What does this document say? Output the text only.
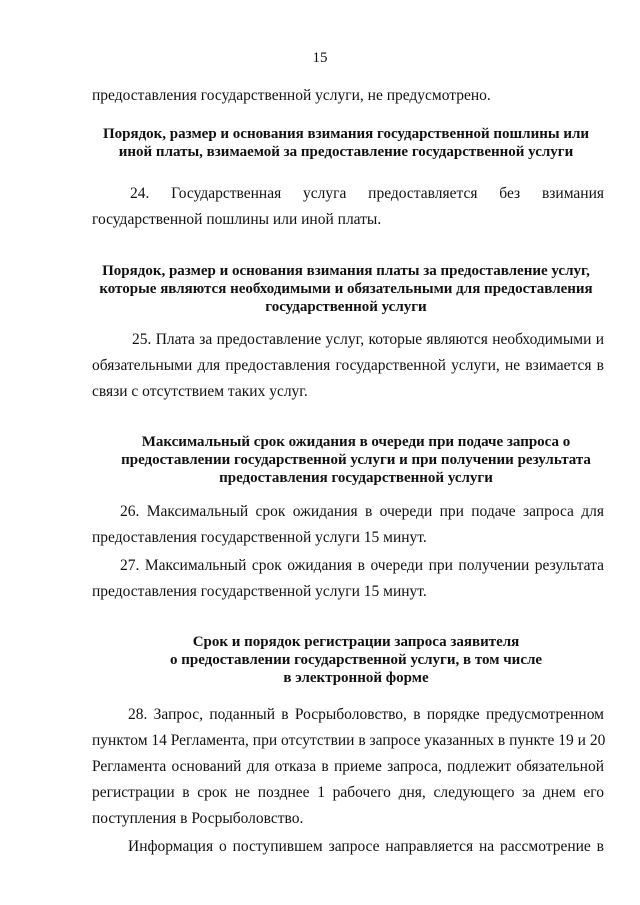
15
предоставления государственной услуги, не предусмотрено.
Порядок, размер и основания взимания государственной пошлины или
иной платы, взимаемой за предоставление государственной услуги
24. Государственная услуга предоставляется без взимания
государственной пошлины или иной платы.
Порядок, размер и основания взимания платы за предоставление услуг,
которые являются необходимыми и обязательными для предоставления
государственной услуги
25. Плата за предоставление услуг, которые являются необходимыми и
обязательными для предоставления государственной услуги, не взимается в
связи с отсутствием таких услуг.
Максимальный срок ожидания в очереди при подаче запроса о
предоставлении государственной услуги и при получении результата
предоставления государственной услуги
26. Максимальный срок ожидания в очереди при подаче запроса для
предоставления государственной услуги 15 минут.
27. Максимальный срок ожидания в очереди при получении результата
предоставления государственной услуги 15 минут.
Срок и порядок регистрации запроса заявителя
о предоставлении государственной услуги, в том числе
в электронной форме
28. Запрос, поданный в Росрыболовство, в порядке предусмотренном
пунктом 14 Регламента, при отсутствии в запросе указанных в пункте 19 и 20
Регламента оснований для отказа в приеме запроса, подлежит обязательной
регистрации в срок не позднее 1 рабочего дня, следующего за днем его
поступления в Росрыболовство.
Информация о поступившем запросе направляется на рассмотрение в
